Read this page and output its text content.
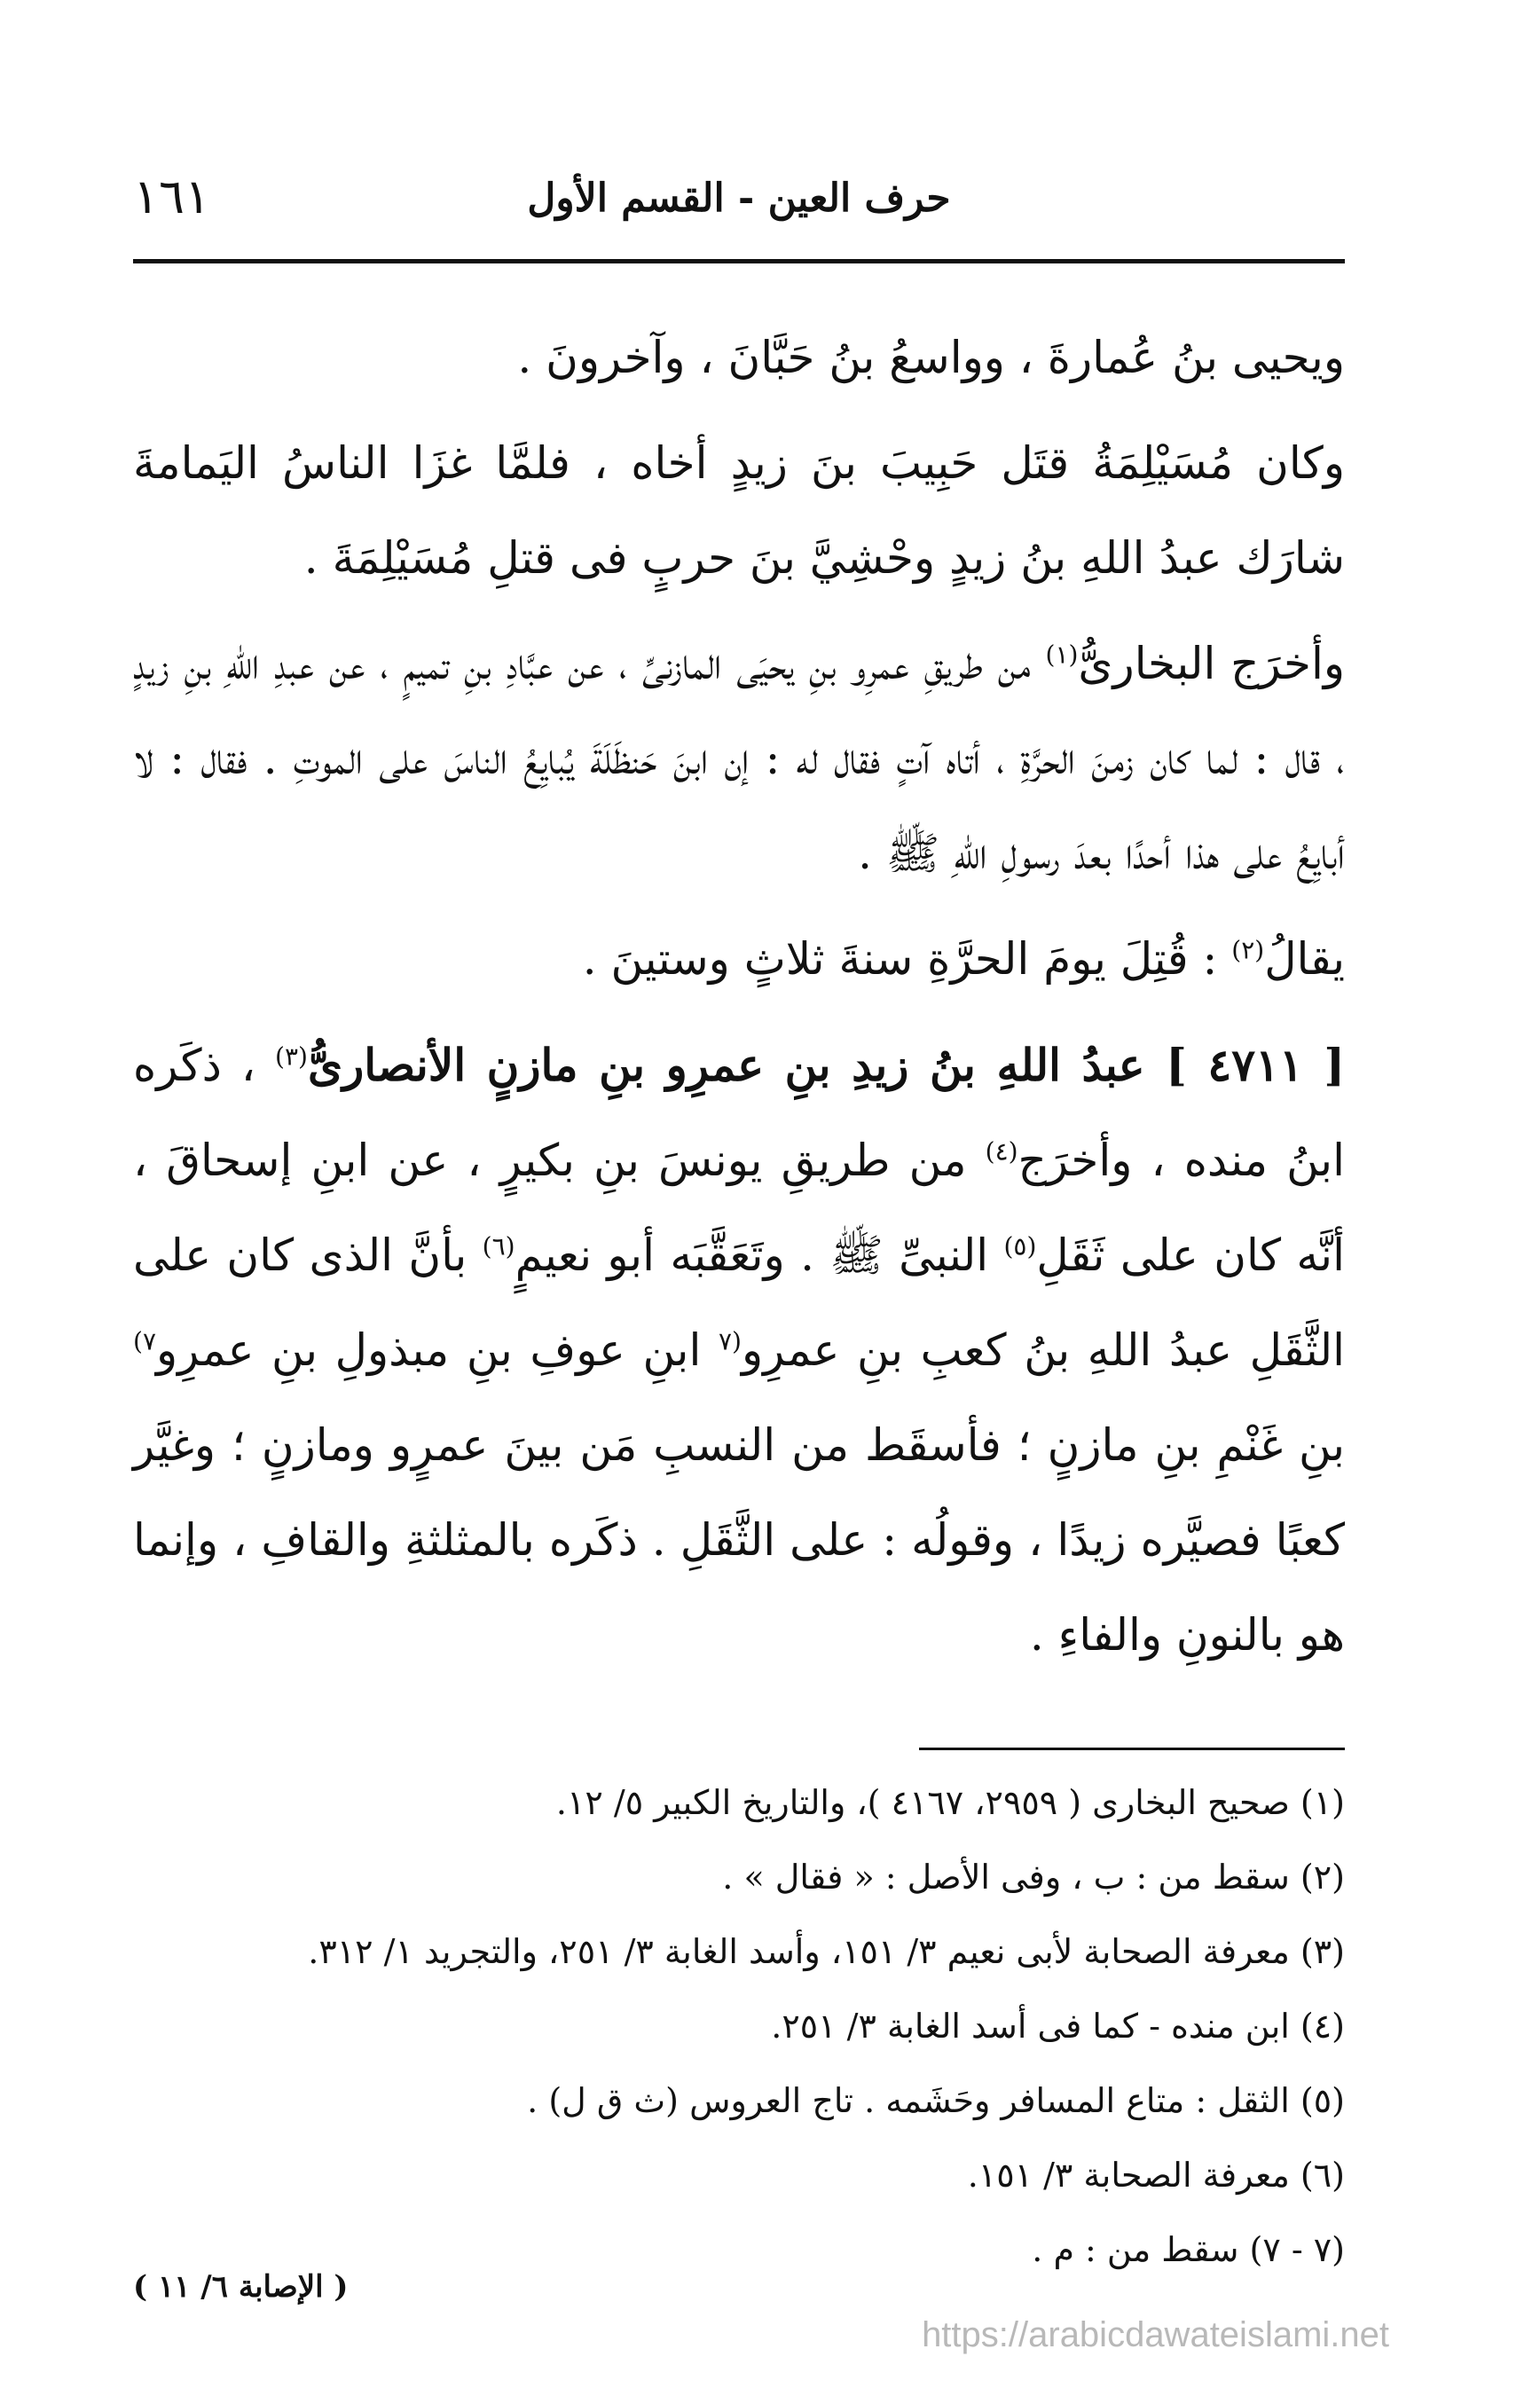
١٦١	حرف العين - القسم الأول

ويحيى بنُ عُمارةَ ، وواسعُ بنُ حَبَّانَ ، وآخرونَ .

وكان مُسَيْلِمَةُ قتَل حَبِيبَ بنَ زيدٍ أخاه ، فلمَّا غزَا الناسُ اليَمامةَ شارَك عبدُ اللهِ بنُ زيدٍ وحْشِيَّ بنَ حربٍ فى قتلِ مُسَيْلِمَةَ .

وأخرَج البخارىُّ$^{(١)}$ من طريقِ عمرِو بنِ يحيَى المازنىِّ ، عن عبَّادِ بنِ تميمٍ ، عن عبدِ اللهِ بنِ زيدٍ ، قال : لما كان زمنَ الحرَّةِ ، أتاه آتٍ فقال له : إن ابنَ حَنظَلَةَ يُبايِعُ الناسَ على الموتِ . فقال : لا أبايِعُ على هذا أحدًا بعدَ رسولِ اللهِ ﷺ .

يقالُ$^{(٢)}$ : قُتِلَ يومَ الحرَّةِ سنةَ ثلاثٍ وستينَ .

[ ٤٧١١ ] عبدُ اللهِ بنُ زيدِ بنِ عمرِو بنِ مازنٍ الأنصارىُّ$^{(٣)}$ ، ذكَره ابنُ منده ، وأخرَج$^{(٤)}$ من طريقِ يونسَ بنِ بكيرٍ ، عن ابنِ إسحاقَ ، أنَّه كان على ثَقَلِ$^{(٥)}$ النبىِّ ﷺ . وتَعَقَّبَه أبو نعيمٍ$^{(٦)}$ بأنَّ الذى كان على الثَّقَلِ عبدُ اللهِ بنُ كعبِ بنِ عمرِو$^{(٧}$ ابنِ عوفِ بنِ مبذولِ بنِ عمرِو$^{٧)}$ بنِ غَنْمِ بنِ مازنٍ ؛ فأسقَط من النسبِ مَن بينَ عمرٍو ومازنٍ ؛ وغيَّر كعبًا فصيَّره زيدًا ، وقولُه : على الثَّقَلِ . ذكَره بالمثلثةِ والقافِ ، وإنما هو بالنونِ والفاءِ .

(١) صحيح البخارى ( ٢٩٥٩، ٤١٦٧ )، والتاريخ الكبير ٥/ ١٢.

(٢) سقط من : ب ، وفى الأصل : « فقال » .

(٣) معرفة الصحابة لأبى نعيم ٣/ ١٥١، وأسد الغابة ٣/ ٢٥١، والتجريد ١/ ٣١٢.

(٤) ابن منده - كما فى أسد الغابة ٣/ ٢٥١.

(٥) الثقل : متاع المسافر وحَشَمه . تاج العروس (ث ق ل) .

(٦) معرفة الصحابة ٣/ ١٥١.

(٧ - ٧) سقط من : م .

( الإصابة ٦/ ١١ )
https://arabicdawateislami.net
